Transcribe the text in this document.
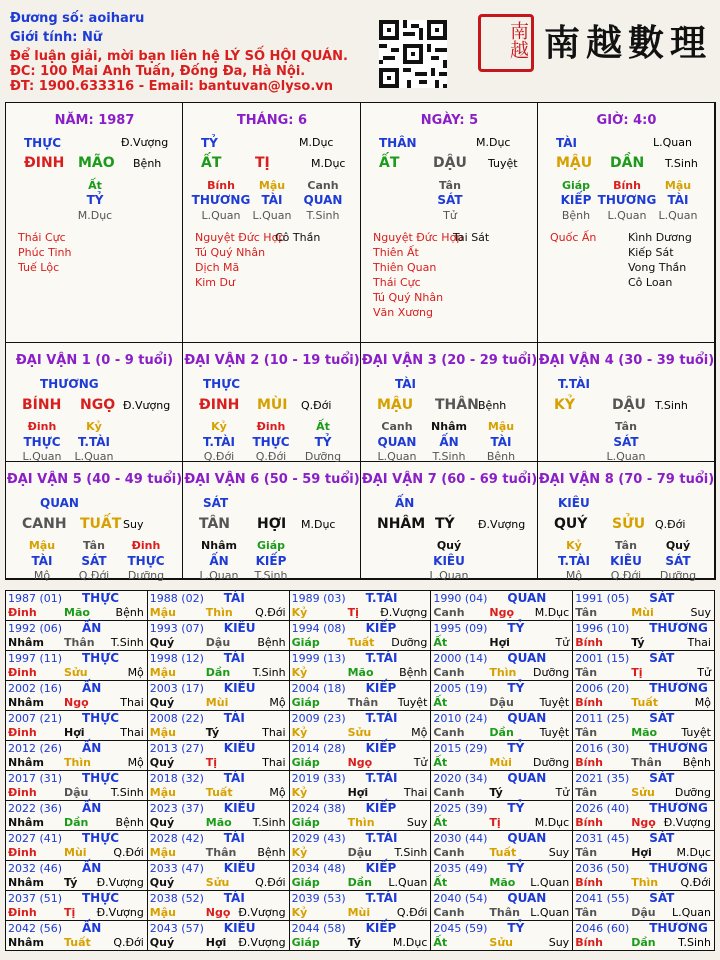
Đương số: aoiharu
Giới tính: Nữ
Để luận giải, mời bạn liên hệ LÝ SỐ HỘI QUÁN.
ĐC: 100 Mai Anh Tuấn, Đống Đa, Hà Nội.
ĐT: 1900.633316 - Email: bantuvan@lyso.vn
南越 南越數理
NĂM: 1987
THỰC	Đ.Vượng
ĐINH MÃO Bệnh
Ất
TỶ
M.Dục
Thái Cực
Phúc Tinh
Tuế Lộc
THÁNG: 6
TỶ	M.Dục
ẤT TỊ	M.Dục
Bính	Mậu	Canh
THƯƠNG TÀI	QUAN
L.Quan	L.Quan	T.Sinh
Nguyệt Đức Hợp
Tú Quý Nhân
Dịch Mã
Kim Dư
Cô Thần
NGÀY: 5
THÂN	M.Dục
ẤT DẬU Tuyệt
Tân
SÁT
Tử
Nguyệt Đức Hợp
Thiên Ất
Thiên Quan
Thái Cực
Tú Quý Nhân
Văn Xương
Tai Sát
GIỜ: 4:0
TÀI	L.Quan
MẬU DẦN T.Sinh
Giáp	Bính	Mậu
KIẾP THƯƠNG TÀI
Bệnh	L.Quan	L.Quan
Quốc Ấn	Kình Dương
Kiếp Sát
Vong Thần
Cô Loan
ĐẠI VẬN 1 (0 - 9 tuổi)
THƯƠNG
BÍNH NGỌ Đ.Vượng
Đinh	Kỷ
THỰC	T.TÀI
L.Quan	L.Quan
ĐẠI VẬN 2 (10 - 19 tuổi)
THỰC
ĐINH MÙI Q.Đới
Kỷ	Đinh	Ất
T.TÀI	THỰC	TỶ
Q.Đới	Q.Đới	Dưỡng
ĐẠI VẬN 3 (20 - 29 tuổi)
TÀI
MẬU THÂN Bệnh
Canh	Nhâm	Mậu
QUAN	ẤN	TÀI
L.Quan	T.Sinh	Bệnh
ĐẠI VẬN 4 (30 - 39 tuổi)
T.TÀI
KỶ	DẬU T.Sinh
Tân
SÁT
L.Quan
ĐẠI VẬN 5 (40 - 49 tuổi)
QUAN
CANH TUẤT Suy
Mậu	Tân	Đinh
TÀI	SÁT	THỰC
Mộ	Q.Đới	Dưỡng
ĐẠI VẬN 6 (50 - 59 tuổi)
SÁT
TÂN HỢI M.Dục
Nhâm	Giáp
ẤN	KIẾP
L.Quan	T.Sinh
ĐẠI VẬN 7 (60 - 69 tuổi)
ẤN
NHÂM TÝ Đ.Vượng
Quý
KIÊU
L.Quan
ĐẠI VẬN 8 (70 - 79 tuổi)
KIÊU
QUÝ SỬU Q.Đới
Kỷ	Tân	Quý
T.TÀI	KIÊU	SÁT
Mộ	Q.Đới	Dưỡng
1987 (01) THỰC
Đinh Mão	Bệnh
1988 (02) TÀI
Mậu	Thìn	Q.Đới
1989 (03) T.TÀI
Kỷ	Tị	Đ.Vượng
1990 (04) QUAN
Canh Ngọ	M.Dục
1991 (05) SÁT
Tân	Mùi	Suy
1992 (06) ẤN
Nhâm Thân	T.Sinh
1993 (07) KIÊU
Quý	Dậu	Bệnh
1994 (08) KIẾP
Giáp	Tuất	Dưỡng
1995 (09) TỶ
Ất	Hợi	Tử
1996 (10) THƯƠNG
Bính	Tý	Thai
1997 (11) THỰC
Đinh Sửu	Mộ
1998 (12) TÀI
Mậu	Dần	T.Sinh
1999 (13) T.TÀI
Kỷ	Mão	Bệnh
2000 (14) QUAN
Canh Thìn	Dưỡng
2001 (15) SÁT
Tân	Tị	Tử
2002 (16) ẤN
Nhâm Ngọ	Thai
2003 (17) KIÊU
Quý	Mùi	Mộ
2004 (18) KIẾP
Giáp	Thân	Tuyệt
2005 (19) TỶ
Ất	Dậu	Tuyệt
2006 (20) THƯƠNG
Bính	Tuất	Mộ
2007 (21) THỰC
Đinh Hợi	Thai
2008 (22) TÀI
Mậu	Tý	Thai
2009 (23) T.TÀI
Kỷ	Sửu	Mộ
2010 (24) QUAN
Canh Dần	Tuyệt
2011 (25) SÁT
Tân	Mão	Tuyệt
2012 (26) ẤN
Nhâm Thìn	Mộ
2013 (27) KIÊU
Quý	Tị	Thai
2014 (28) KIẾP
Giáp	Ngọ	Tử
2015 (29) TỶ
Ất	Mùi	Dưỡng
2016 (30) THƯƠNG
Bính	Thân	Bệnh
2017 (31) THỰC
Đinh Dậu	T.Sinh
2018 (32) TÀI
Mậu	Tuất	Mộ
2019 (33) T.TÀI
Kỷ	Hợi	Thai
2020 (34) QUAN
Canh Tý	Tử
2021 (35) SÁT
Tân	Sửu	Dưỡng
2022 (36) ẤN
Nhâm Dần	Bệnh
2023 (37) KIÊU
Quý	Mão	T.Sinh
2024 (38) KIẾP
Giáp	Thìn	Suy
2025 (39) TỶ
Ất	Tị	M.Dục
2026 (40) THƯƠNG
Bính	Ngọ Đ.Vượng
2027 (41) THỰC
Đinh Mùi	Q.Đới
2028 (42) TÀI
Mậu	Thân	Bệnh
2029 (43) T.TÀI
Kỷ	Dậu	T.Sinh
2030 (44) QUAN
Canh Tuất	Suy
2031 (45) SÁT
Tân	Hợi	M.Dục
2032 (46) ẤN
Nhâm Tý	Đ.Vượng
2033 (47) KIÊU
Quý	Sửu	Q.Đới
2034 (48) KIẾP
Giáp	Dần	L.Quan
2035 (49) TỶ
Ất	Mão	L.Quan
2036 (50) THƯƠNG
Bính	Thìn	Q.Đới
2037 (51) THỰC
Đinh Tị	Đ.Vượng
2038 (52) TÀI
Mậu	Ngọ Đ.Vượng
2039 (53) T.TÀI
Kỷ	Mùi	Q.Đới
2040 (54) QUAN
Canh Thân L.Quan
2041 (55) SÁT
Tân	Dậu	L.Quan
2042 (56) ẤN
Nhâm Tuất	Q.Đới
2043 (57) KIÊU
Quý	Hợi	Đ.Vượng
2044 (58) KIẾP
Giáp	Tý	M.Dục
2045 (59) TỶ
Ất	Sửu	Suy
2046 (60) THƯƠNG
Bính	Dần	T.Sinh
